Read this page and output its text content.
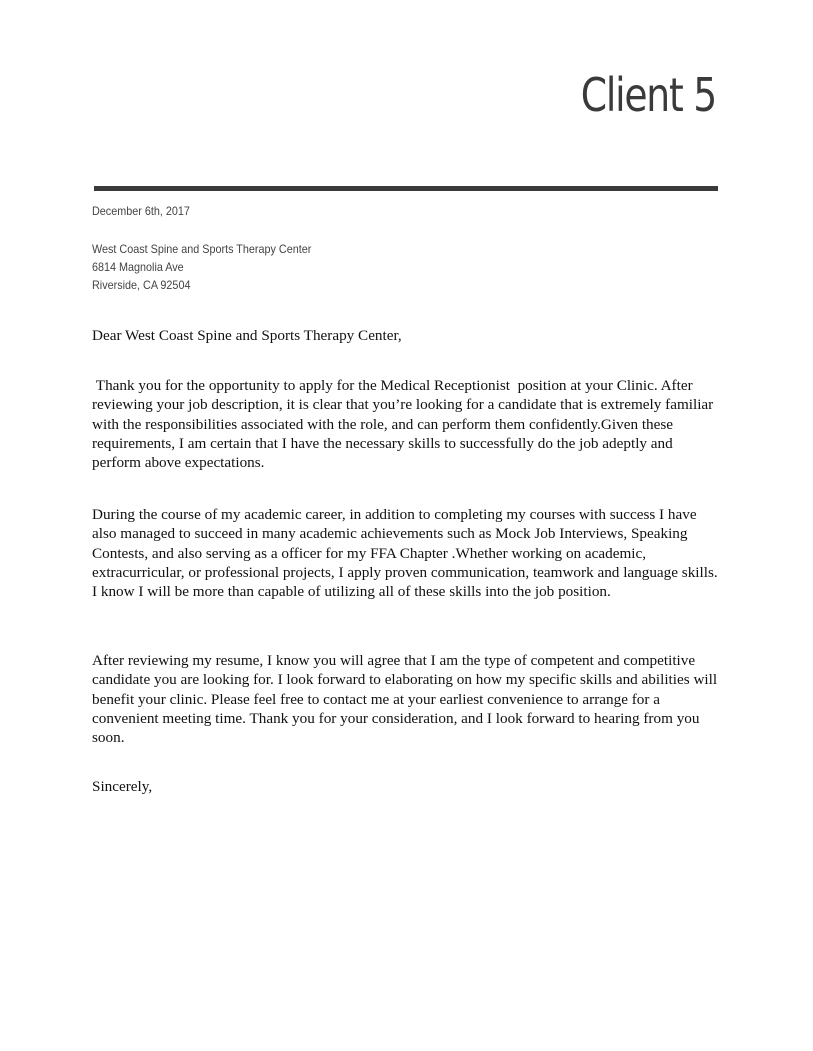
Client 5
December 6th, 2017
West Coast Spine and Sports Therapy Center
6814 Magnolia Ave
Riverside, CA 92504
Dear West Coast Spine and Sports Therapy Center,

Thank you for the opportunity to apply for the Medical Receptionist  position at your Clinic. After reviewing your job description, it is clear that you’re looking for a candidate that is extremely familiar with the responsibilities associated with the role, and can perform them confidently.Given these requirements, I am certain that I have the necessary skills to successfully do the job adeptly and perform above expectations.

During the course of my academic career, in addition to completing my courses with success I have also managed to succeed in many academic achievements such as Mock Job Interviews, Speaking Contests, and also serving as a officer for my FFA Chapter .Whether working on academic, extracurricular, or professional projects, I apply proven communication, teamwork and language skills. I know I will be more than capable of utilizing all of these skills into the job position.

After reviewing my resume, I know you will agree that I am the type of competent and competitive candidate you are looking for. I look forward to elaborating on how my specific skills and abilities will benefit your clinic. Please feel free to contact me at your earliest convenience to arrange for a convenient meeting time. Thank you for your consideration, and I look forward to hearing from you soon.

Sincerely,
